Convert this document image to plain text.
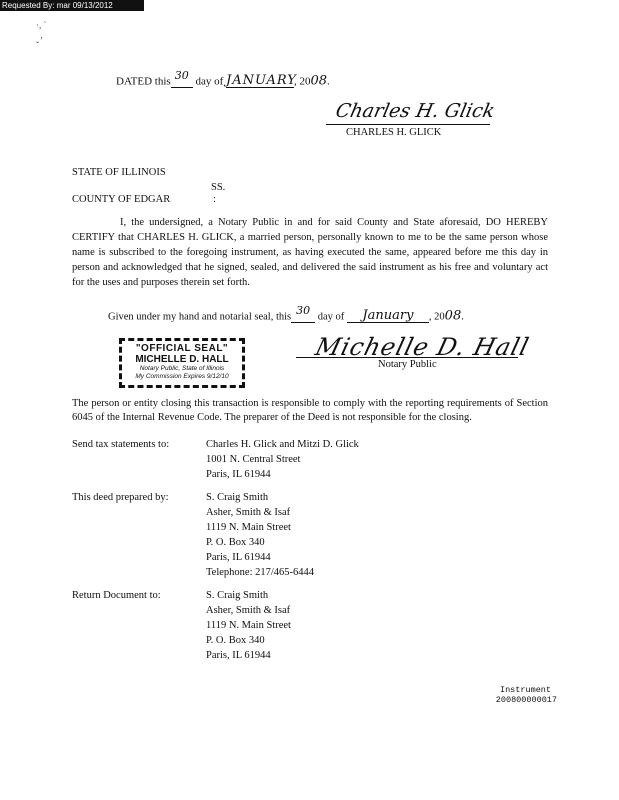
Requested By: mar 09/13/2012
·, ˋ
,
ˇ
DATED this $^{30}$ day of JANUARY, 2008.
Charles H. Glick
CHARLES H. GLICK
STATE OF ILLINOIS
SS.
COUNTY OF EDGAR	:
I, the undersigned, a Notary Public in and for said County and State aforesaid, DO HEREBY CERTIFY that CHARLES H. GLICK, a married person, personally known to me to be the same person whose name is subscribed to the foregoing instrument, as having executed the same, appeared before me this day in person and acknowledged that he signed, sealed, and delivered the said instrument as his free and voluntary act for the uses and purposes therein set forth.
Given under my hand and notarial seal, this $^{30}$ day of January , 2008.
"OFFICIAL SEAL"
MICHELLE D. HALL
Notary Public, State of Illinois
My Commission Expires 9/12/10
Michelle D. Hall
Notary Public
The person or entity closing this transaction is responsible to comply with the reporting requirements of Section 6045 of the Internal Revenue Code. The preparer of the Deed is not responsible for the closing.
Send tax statements to:	Charles H. Glick and Mitzi D. Glick
1001 N. Central Street
Paris, IL 61944
This deed prepared by:	S. Craig Smith
Asher, Smith & Isaf
1119 N. Main Street
P. O. Box 340
Paris, IL 61944
Telephone: 217/465-6444
Return Document to:	S. Craig Smith
Asher, Smith & Isaf
1119 N. Main Street
P. O. Box 340
Paris, IL 61944
Instrument
200800000017
